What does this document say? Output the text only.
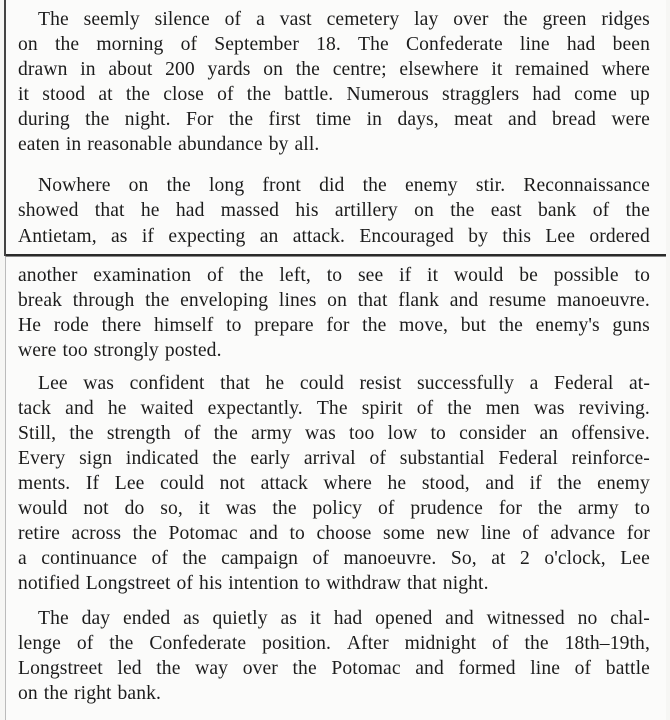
The seemly silence of a vast cemetery lay over the green ridges
on the morning of September 18. The Confederate line had been
drawn in about 200 yards on the centre; elsewhere it remained where
it stood at the close of the battle. Numerous stragglers had come up
during the night. For the first time in days, meat and bread were
eaten in reasonable abundance by all.
Nowhere on the long front did the enemy stir. Reconnaissance
showed that he had massed his artillery on the east bank of the
Antietam, as if expecting an attack. Encouraged by this Lee ordered
another examination of the left, to see if it would be possible to
break through the enveloping lines on that flank and resume manoeuvre.
He rode there himself to prepare for the move, but the enemy's guns
were too strongly posted.
Lee was confident that he could resist successfully a Federal at-
tack and he waited expectantly. The spirit of the men was reviving.
Still, the strength of the army was too low to consider an offensive.
Every sign indicated the early arrival of substantial Federal reinforce-
ments. If Lee could not attack where he stood, and if the enemy
would not do so, it was the policy of prudence for the army to
retire across the Potomac and to choose some new line of advance for
a continuance of the campaign of manoeuvre. So, at 2 o'clock, Lee
notified Longstreet of his intention to withdraw that night.
The day ended as quietly as it had opened and witnessed no chal-
lenge of the Confederate position. After midnight of the 18th–19th,
Longstreet led the way over the Potomac and formed line of battle
on the right bank.
